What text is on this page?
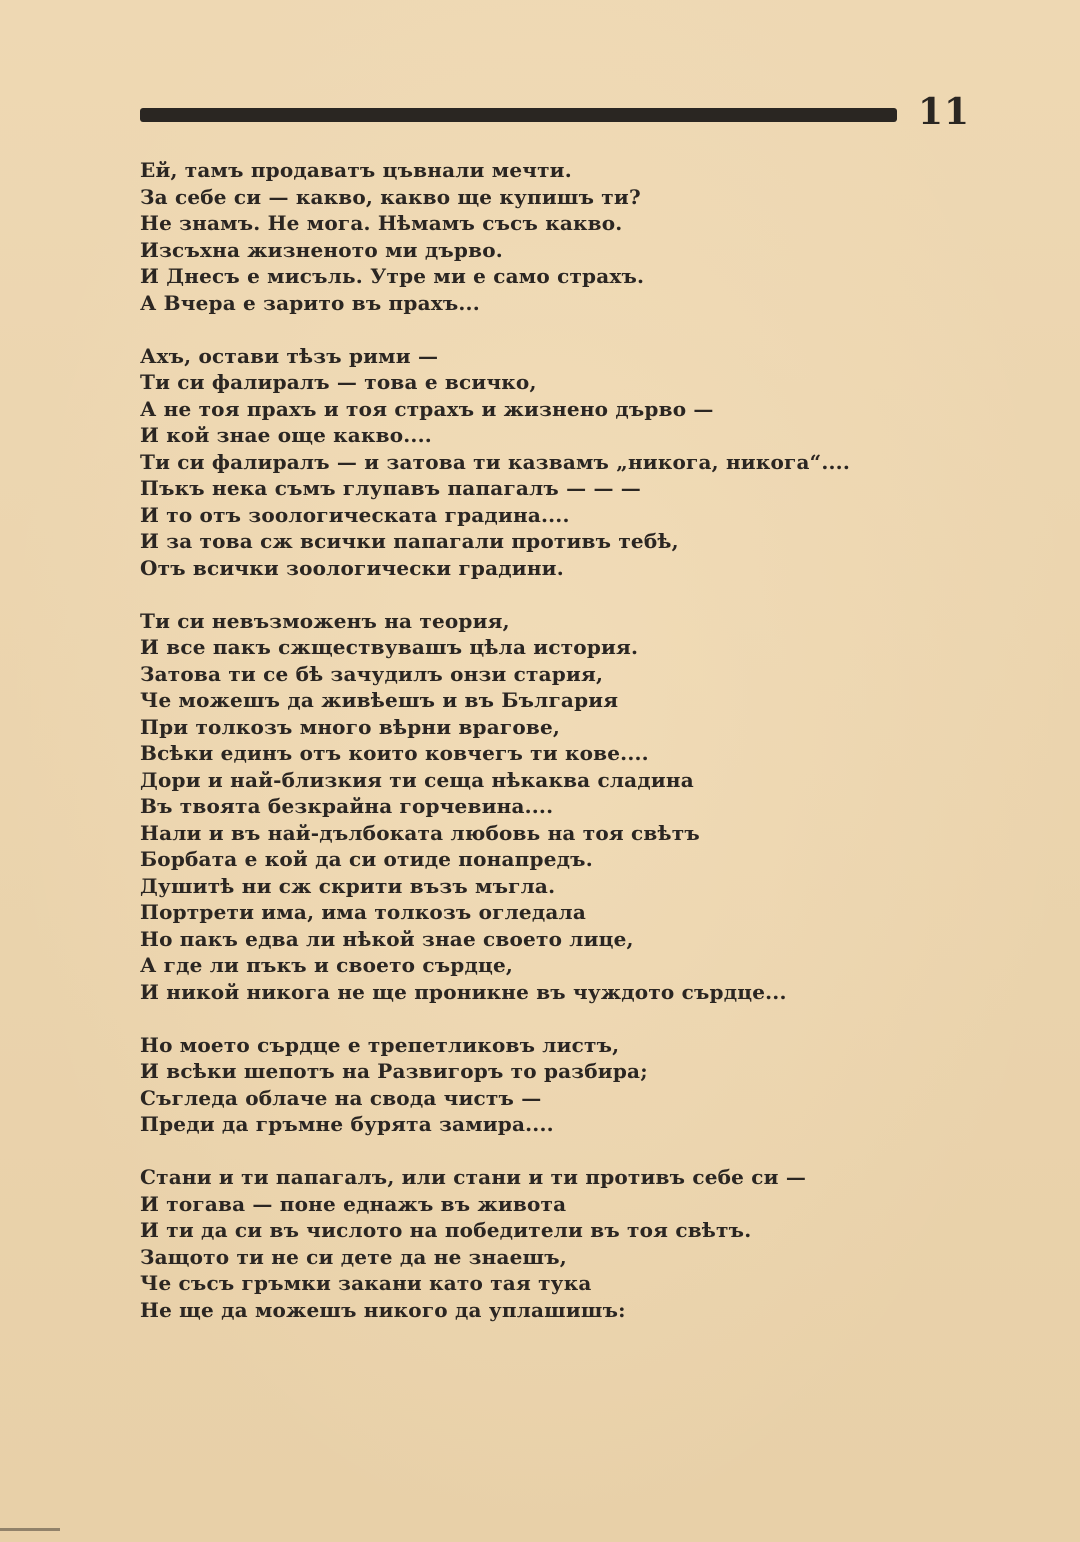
11
Ей, тамъ продаватъ цъвнали мечти.
За себе си — какво, какво ще купишъ ти?
Не знамъ. Не мога. Нѣмамъ съсъ какво.
Изсъхна жизненото ми дърво.
И Днесъ е мисъль. Утре ми е само страхъ.
А Вчера е зарито въ прахъ...
Ахъ, остави тѣзъ рими —
Ти си фалиралъ — това е всичко,
А не тоя прахъ и тоя страхъ и жизнено дърво —
И кой знае още какво....
Ти си фалиралъ — и затова ти казвамъ „никога, никога“....
Пъкъ нека съмъ глупавъ папагалъ — — —
И то отъ зоологическата градина....
И за това сж всички папагали противъ тебѣ,
Отъ всички зоологически градини.
Ти си невъзможенъ на теория,
И все пакъ сжществувашъ цѣла история.
Затова ти се бѣ зачудилъ онзи стария,
Че можешъ да живѣешъ и въ България
При толкозъ много вѣрни врагове,
Всѣки единъ отъ които ковчегъ ти кове....
Дори и най-близкия ти сеща нѣкаква сладина
Въ твоята безкрайна горчевина....
Нали и въ най-дълбоката любовь на тоя свѣтъ
Борбата е кой да си отиде понапредъ.
Душитѣ ни сж скрити възъ мъгла.
Портрети има, има толкозъ огледала
Но пакъ едва ли нѣкой знае своето лице,
А где ли пъкъ и своето сърдце,
И никой никога не ще проникне въ чуждото сърдце...
Но моето сърдце е трепетликовъ листъ,
И всѣки шепотъ на Развигоръ то разбира;
Съглeда облаче на свода чистъ —
Преди да гръмне бурята замира....
Стани и ти папагалъ, или стани и ти противъ себе си —
И тогава — поне еднажъ въ живота
И ти да си въ числото на победители въ тоя свѣтъ.
Защото ти не си дете да не знаешъ,
Че съсъ гръмки закани като тая тука
Не ще да можешъ никого да уплашишъ:
